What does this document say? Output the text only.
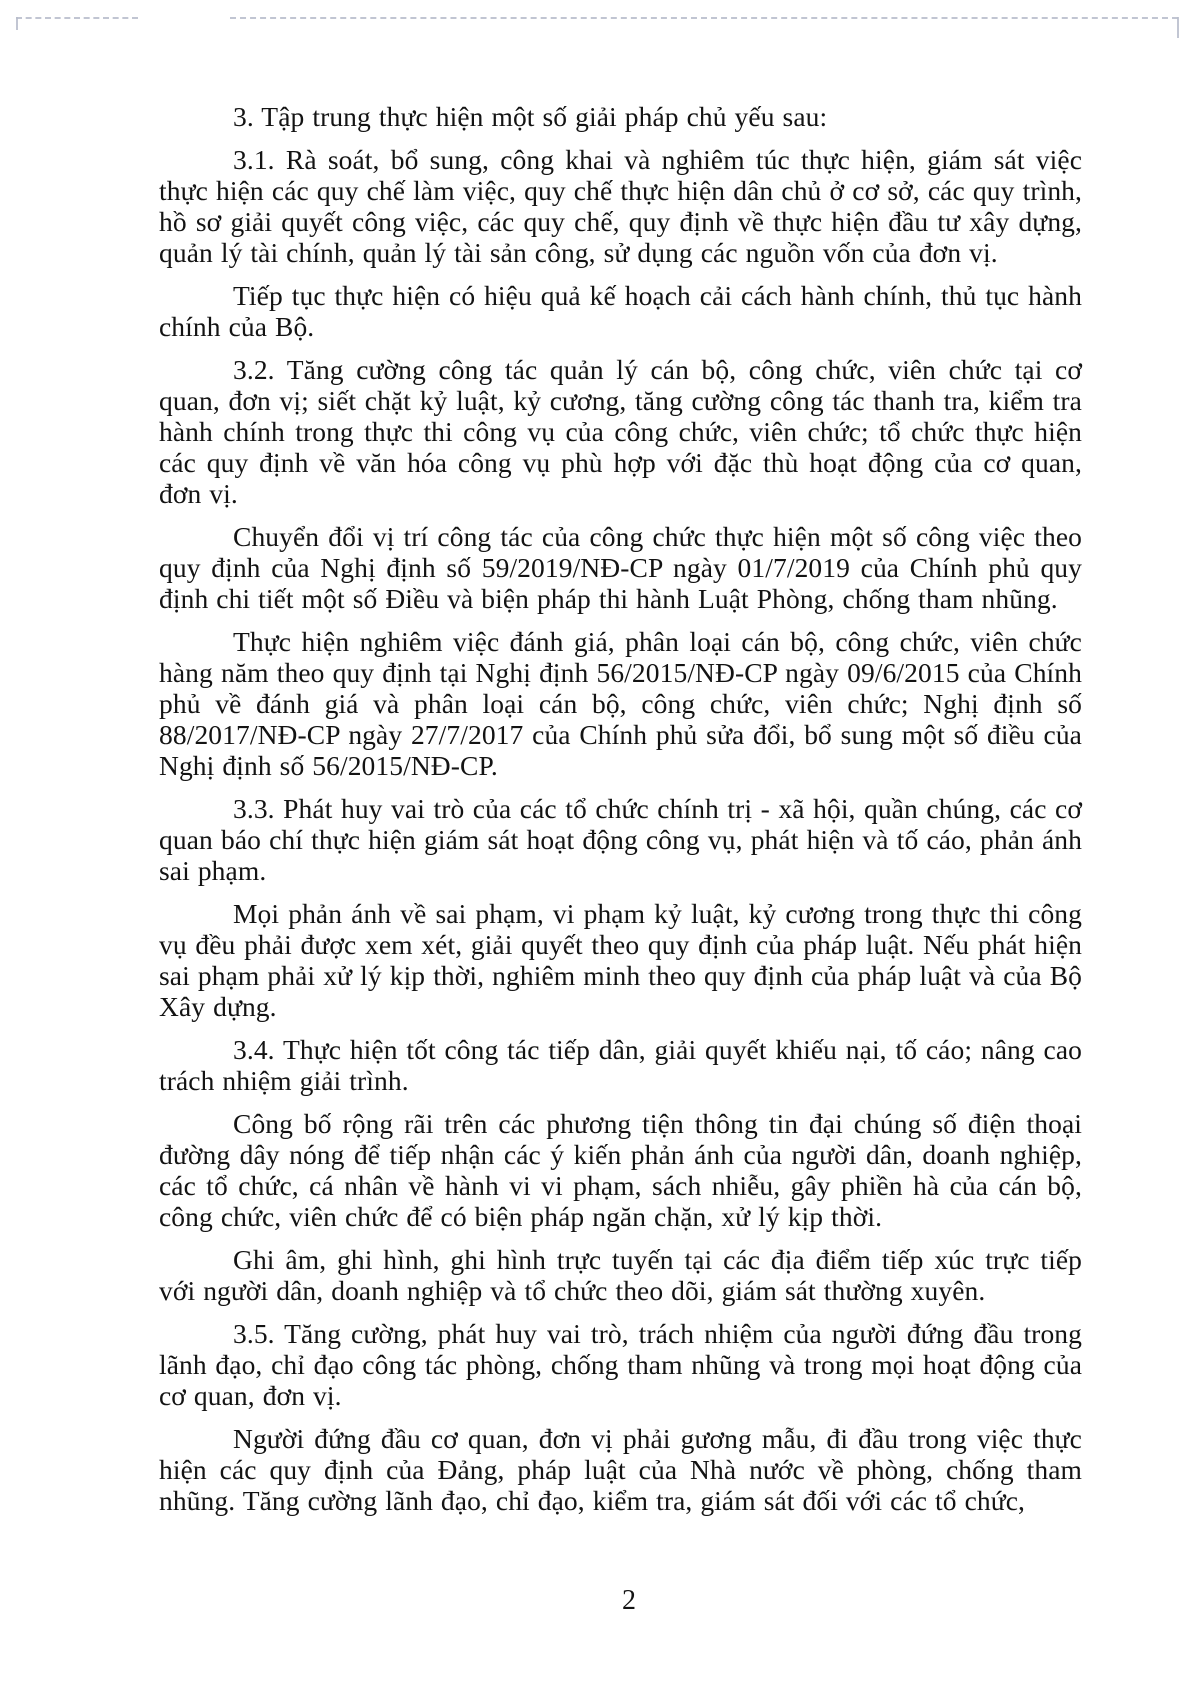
3. Tập trung thực hiện một số giải pháp chủ yếu sau:

3.1. Rà soát, bổ sung, công khai và nghiêm túc thực hiện, giám sát việc thực hiện các quy chế làm việc, quy chế thực hiện dân chủ ở cơ sở, các quy trình, hồ sơ giải quyết công việc, các quy chế, quy định về thực hiện đầu tư xây dựng, quản lý tài chính, quản lý tài sản công, sử dụng các nguồn vốn của đơn vị.

Tiếp tục thực hiện có hiệu quả kế hoạch cải cách hành chính, thủ tục hành chính của Bộ.

3.2. Tăng cường công tác quản lý cán bộ, công chức, viên chức tại cơ quan, đơn vị; siết chặt kỷ luật, kỷ cương, tăng cường công tác thanh tra, kiểm tra hành chính trong thực thi công vụ của công chức, viên chức; tổ chức thực hiện các quy định về văn hóa công vụ phù hợp với đặc thù hoạt động của cơ quan, đơn vị.

Chuyển đổi vị trí công tác của công chức thực hiện một số công việc theo quy định của Nghị định số 59/2019/NĐ-CP ngày 01/7/2019 của Chính phủ quy định chi tiết một số Điều và biện pháp thi hành Luật Phòng, chống tham nhũng.

Thực hiện nghiêm việc đánh giá, phân loại cán bộ, công chức, viên chức hàng năm theo quy định tại Nghị định 56/2015/NĐ-CP ngày 09/6/2015 của Chính phủ về đánh giá và phân loại cán bộ, công chức, viên chức; Nghị định số 88/2017/NĐ-CP ngày 27/7/2017 của Chính phủ sửa đổi, bổ sung một số điều của Nghị định số 56/2015/NĐ-CP.

3.3. Phát huy vai trò của các tổ chức chính trị - xã hội, quần chúng, các cơ quan báo chí thực hiện giám sát hoạt động công vụ, phát hiện và tố cáo, phản ánh sai phạm.

Mọi phản ánh về sai phạm, vi phạm kỷ luật, kỷ cương trong thực thi công vụ đều phải được xem xét, giải quyết theo quy định của pháp luật. Nếu phát hiện sai phạm phải xử lý kịp thời, nghiêm minh theo quy định của pháp luật và của Bộ Xây dựng.

3.4. Thực hiện tốt công tác tiếp dân, giải quyết khiếu nại, tố cáo; nâng cao trách nhiệm giải trình.

Công bố rộng rãi trên các phương tiện thông tin đại chúng số điện thoại đường dây nóng để tiếp nhận các ý kiến phản ánh của người dân, doanh nghiệp, các tổ chức, cá nhân về hành vi vi phạm, sách nhiễu, gây phiền hà của cán bộ, công chức, viên chức để có biện pháp ngăn chặn, xử lý kịp thời.

Ghi âm, ghi hình, ghi hình trực tuyến tại các địa điểm tiếp xúc trực tiếp với người dân, doanh nghiệp và tổ chức theo dõi, giám sát thường xuyên.

3.5. Tăng cường, phát huy vai trò, trách nhiệm của người đứng đầu trong lãnh đạo, chỉ đạo công tác phòng, chống tham nhũng và trong mọi hoạt động của cơ quan, đơn vị.

Người đứng đầu cơ quan, đơn vị phải gương mẫu, đi đầu trong việc thực hiện các quy định của Đảng, pháp luật của Nhà nước về phòng, chống tham nhũng. Tăng cường lãnh đạo, chỉ đạo, kiểm tra, giám sát đối với các tổ chức,

2
